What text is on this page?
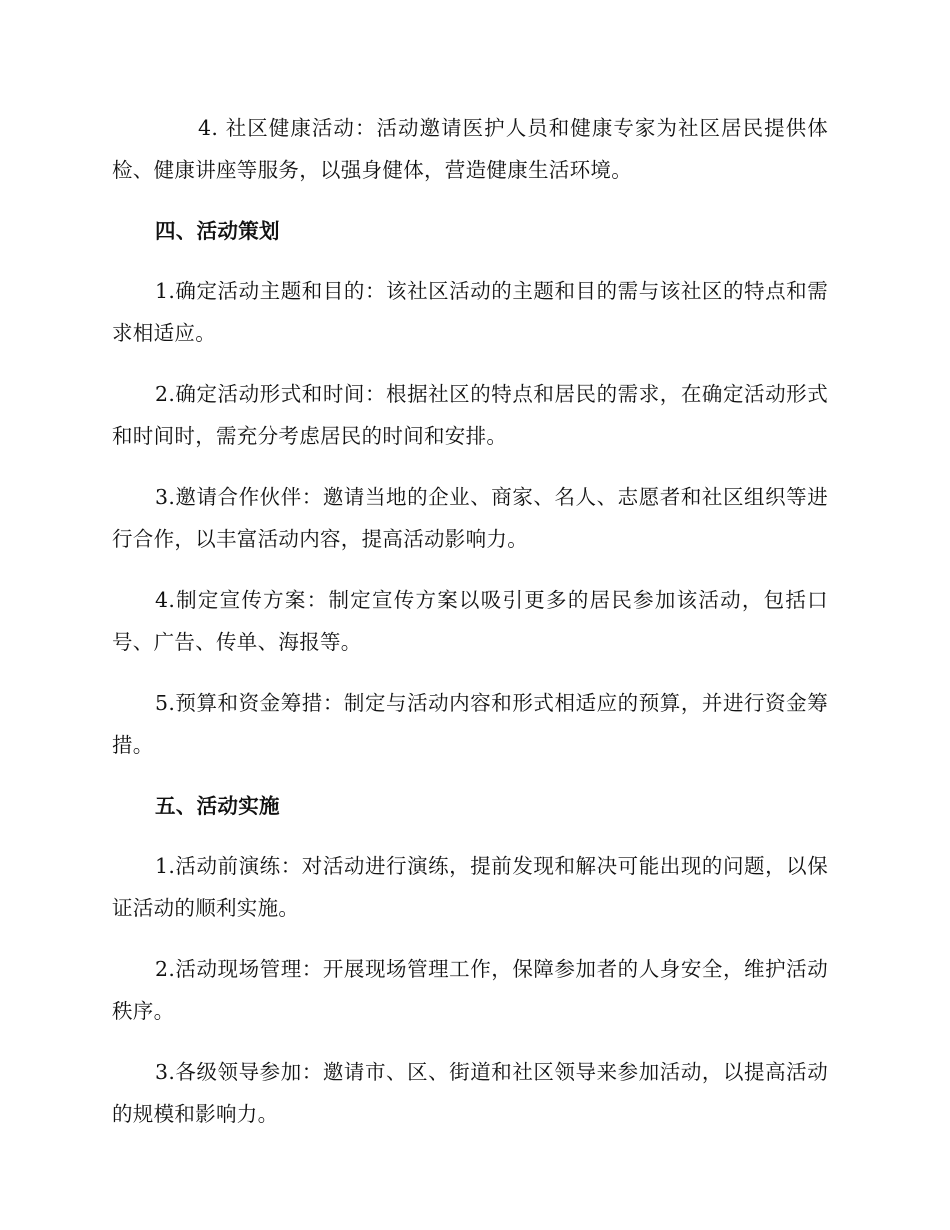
4. 社区健康活动：活动邀请医护人员和健康专家为社区居民提供体检、健康讲座等服务，以强身健体，营造健康生活环境。

四、活动策划

1.确定活动主题和目的：该社区活动的主题和目的需与该社区的特点和需求相适应。

2.确定活动形式和时间：根据社区的特点和居民的需求，在确定活动形式和时间时，需充分考虑居民的时间和安排。

3.邀请合作伙伴：邀请当地的企业、商家、名人、志愿者和社区组织等进行合作，以丰富活动内容，提高活动影响力。

4.制定宣传方案：制定宣传方案以吸引更多的居民参加该活动，包括口号、广告、传单、海报等。

5.预算和资金筹措：制定与活动内容和形式相适应的预算，并进行资金筹措。

五、活动实施

1.活动前演练：对活动进行演练，提前发现和解决可能出现的问题，以保证活动的顺利实施。

2.活动现场管理：开展现场管理工作，保障参加者的人身安全，维护活动秩序。

3.各级领导参加：邀请市、区、街道和社区领导来参加活动，以提高活动的规模和影响力。
